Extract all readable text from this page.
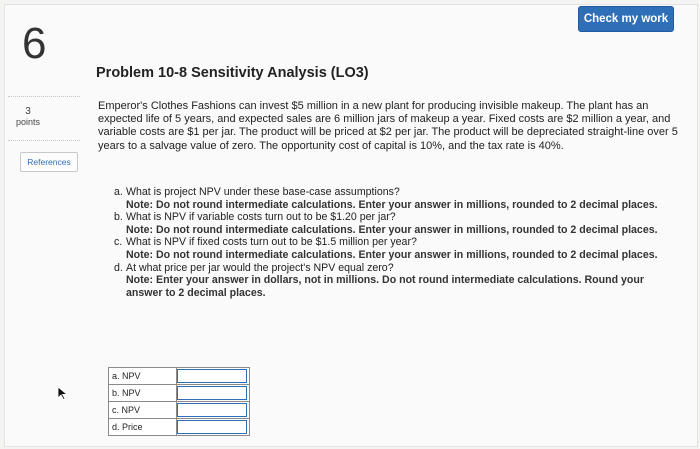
6	Check my work
Problem 10-8 Sensitivity Analysis (LO3)
3
points
References

Emperor's Clothes Fashions can invest $5 million in a new plant for producing invisible makeup. The plant has an expected life of 5 years, and expected sales are 6 million jars of makeup a year. Fixed costs are $2 million a year, and variable costs are $1 per jar. The product will be priced at $2 per jar. The product will be depreciated straight-line over 5 years to a salvage value of zero. The opportunity cost of capital is 10%, and the tax rate is 40%.

a. What is project NPV under these base-case assumptions?
Note: Do not round intermediate calculations. Enter your answer in millions, rounded to 2 decimal places.
b. What is NPV if variable costs turn out to be $1.20 per jar?
Note: Do not round intermediate calculations. Enter your answer in millions, rounded to 2 decimal places.
c. What is NPV if fixed costs turn out to be $1.5 million per year?
Note: Do not round intermediate calculations. Enter your answer in millions, rounded to 2 decimal places.
d. At what price per jar would the project's NPV equal zero?
Note: Enter your answer in dollars, not in millions. Do not round intermediate calculations. Round your answer to 2 decimal places.
a. NPV	
b. NPV	
c. NPV	
d. Price	
